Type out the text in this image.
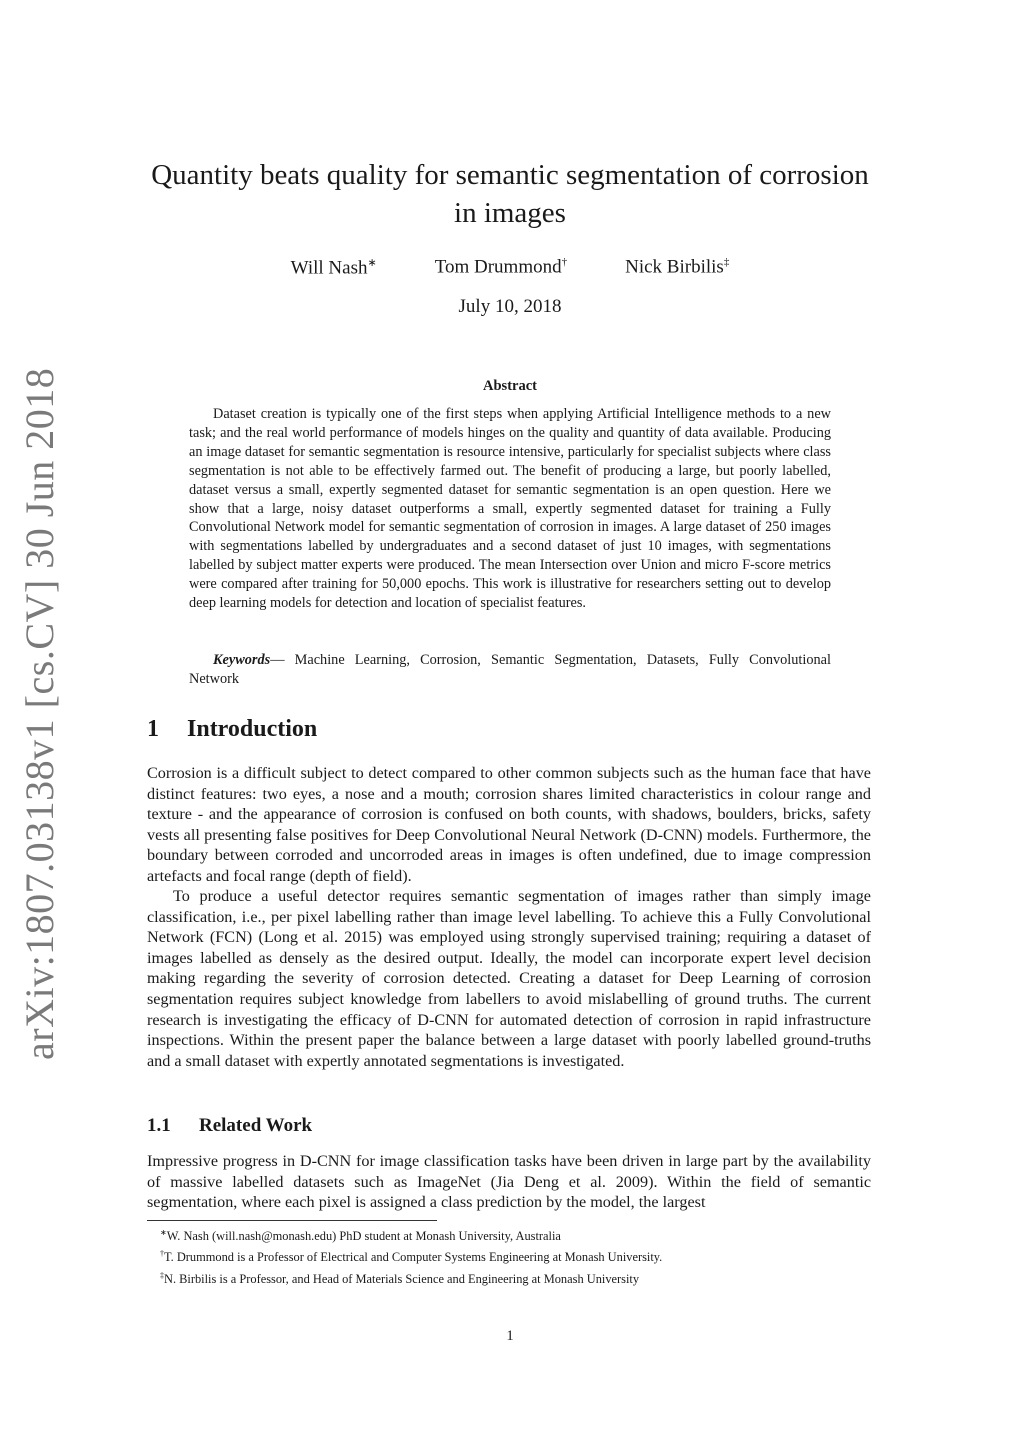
arXiv:1807.03138v1 [cs.CV] 30 Jun 2018
Quantity beats quality for semantic segmentation of corrosion in images
Will Nash∗	Tom Drummond†	Nick Birbilis‡
July 10, 2018
Abstract

Dataset creation is typically one of the first steps when applying Artificial Intelligence methods to a new task; and the real world performance of models hinges on the quality and quantity of data available. Producing an image dataset for semantic segmentation is resource intensive, particularly for specialist subjects where class segmentation is not able to be effectively farmed out. The benefit of producing a large, but poorly labelled, dataset versus a small, expertly segmented dataset for semantic segmentation is an open question. Here we show that a large, noisy dataset outperforms a small, expertly segmented dataset for training a Fully Convolutional Network model for semantic segmentation of corrosion in images. A large dataset of 250 images with segmentations labelled by undergraduates and a second dataset of just 10 images, with segmentations labelled by subject matter experts were produced. The mean Intersection over Union and micro F-score metrics were compared after training for 50,000 epochs. This work is illustrative for researchers setting out to develop deep learning models for detection and location of specialist features.

Keywords— Machine Learning, Corrosion, Semantic Segmentation, Datasets, Fully Convolutional Network

1 Introduction

Corrosion is a difficult subject to detect compared to other common subjects such as the human face that have distinct features: two eyes, a nose and a mouth; corrosion shares limited characteristics in colour range and texture - and the appearance of corrosion is confused on both counts, with shadows, boulders, bricks, safety vests all presenting false positives for Deep Convolutional Neural Network (D-CNN) models. Furthermore, the boundary between corroded and uncorroded areas in images is often undefined, due to image compression artefacts and focal range (depth of field).

To produce a useful detector requires semantic segmentation of images rather than simply image classification, i.e., per pixel labelling rather than image level labelling. To achieve this a Fully Convolutional Network (FCN) (Long et al. 2015) was employed using strongly supervised training; requiring a dataset of images labelled as densely as the desired output. Ideally, the model can incorporate expert level decision making regarding the severity of corrosion detected. Creating a dataset for Deep Learning of corrosion segmentation requires subject knowledge from labellers to avoid mislabelling of ground truths. The current research is investigating the efficacy of D-CNN for automated detection of corrosion in rapid infrastructure inspections. Within the present paper the balance between a large dataset with poorly labelled ground-truths and a small dataset with expertly annotated segmentations is investigated.

1.1 Related Work

Impressive progress in D-CNN for image classification tasks have been driven in large part by the availability of massive labelled datasets such as ImageNet (Jia Deng et al. 2009). Within the field of semantic segmentation, where each pixel is assigned a class prediction by the model, the largest

∗W. Nash (will.nash@monash.edu) PhD student at Monash University, Australia
†T. Drummond is a Professor of Electrical and Computer Systems Engineering at Monash University.
‡N. Birbilis is a Professor, and Head of Materials Science and Engineering at Monash University
1
